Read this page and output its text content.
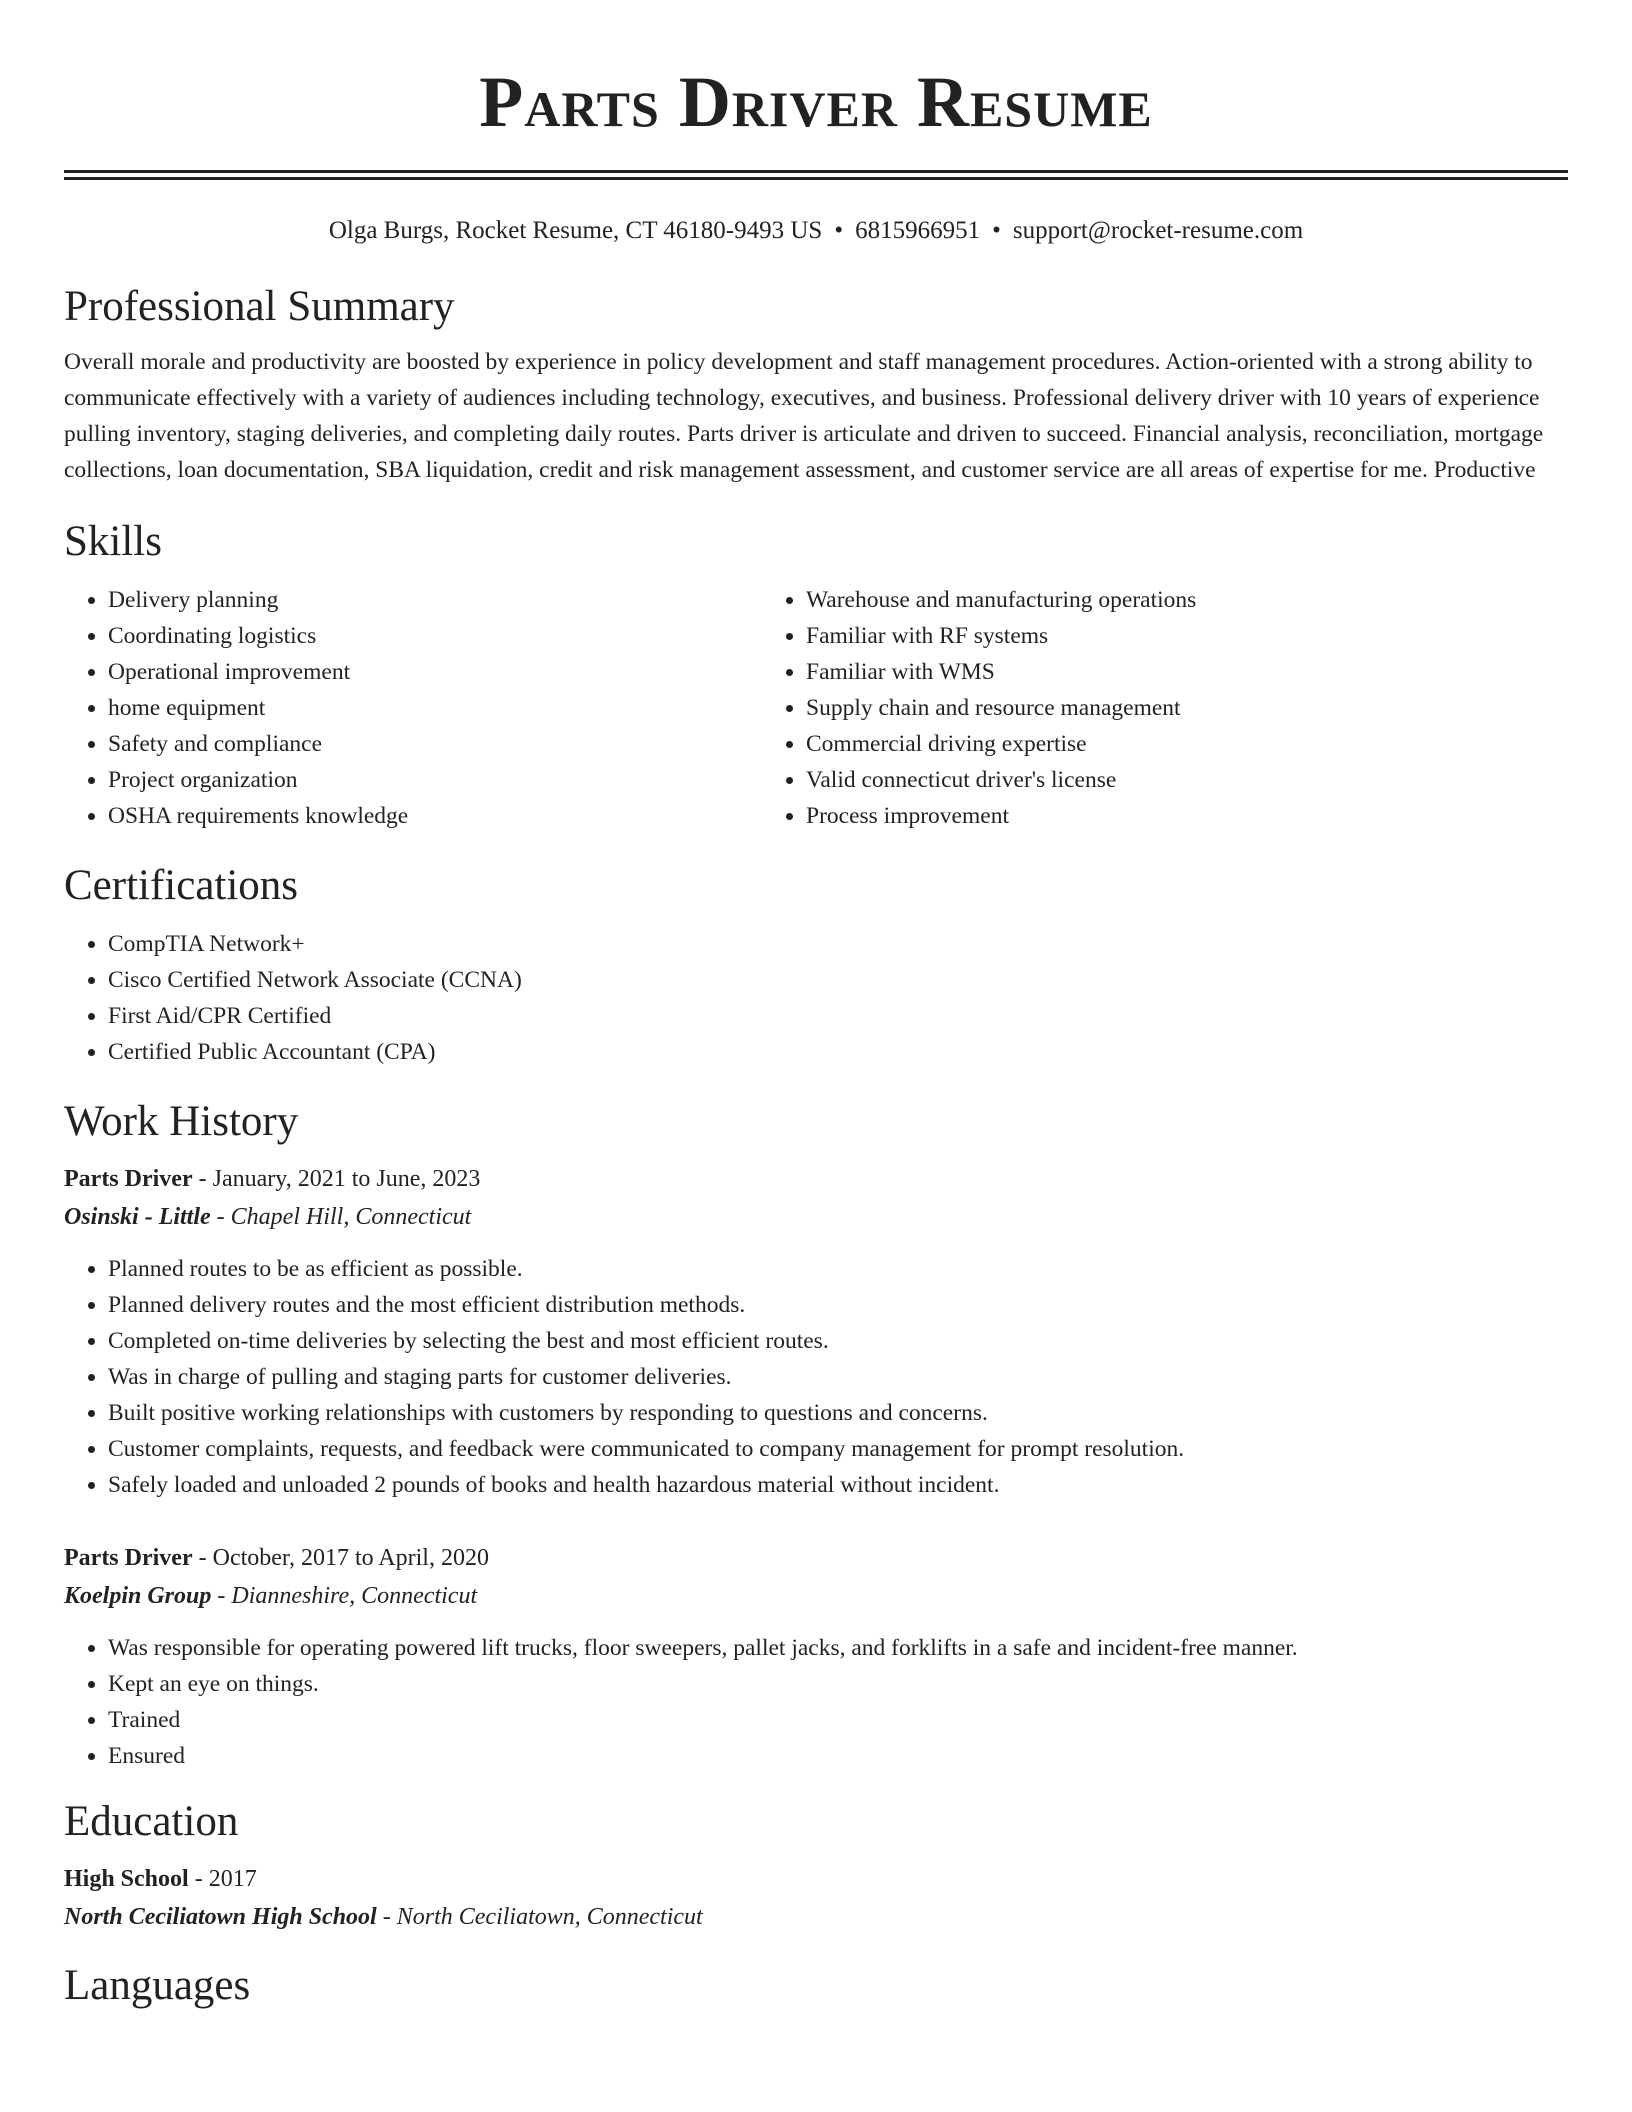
Parts Driver Resume
Olga Burgs, Rocket Resume, CT 46180-9493 US • 6815966951 • support@rocket-resume.com
Professional Summary

Overall morale and productivity are boosted by experience in policy development and staff management procedures. Action-oriented with a strong ability to communicate effectively with a variety of audiences including technology, executives, and business. Professional delivery driver with 10 years of experience pulling inventory, staging deliveries, and completing daily routes. Parts driver is articulate and driven to succeed. Financial analysis, reconciliation, mortgage collections, loan documentation, SBA liquidation, credit and risk management assessment, and customer service are all areas of expertise for me. Productive

Skills
• Delivery planning
• Coordinating logistics
• Operational improvement
• home equipment
• Safety and compliance
• Project organization
• OSHA requirements knowledge
• Warehouse and manufacturing operations
• Familiar with RF systems
• Familiar with WMS
• Supply chain and resource management
• Commercial driving expertise
• Valid connecticut driver's license
• Process improvement
Certifications
• CompTIA Network+
• Cisco Certified Network Associate (CCNA)
• First Aid/CPR Certified
• Certified Public Accountant (CPA)
Work History

Parts Driver - January, 2021 to June, 2023

Osinski - Little - Chapel Hill, Connecticut

• Planned routes to be as efficient as possible.
• Planned delivery routes and the most efficient distribution methods.
• Completed on-time deliveries by selecting the best and most efficient routes.
• Was in charge of pulling and staging parts for customer deliveries.
• Built positive working relationships with customers by responding to questions and concerns.
• Customer complaints, requests, and feedback were communicated to company management for prompt resolution.
• Safely loaded and unloaded 2 pounds of books and health hazardous material without incident.

Parts Driver - October, 2017 to April, 2020

Koelpin Group - Dianneshire, Connecticut

• Was responsible for operating powered lift trucks, floor sweepers, pallet jacks, and forklifts in a safe and incident-free manner.
• Kept an eye on things.
• Trained
• Ensured
Education

High School - 2017

North Ceciliatown High School - North Ceciliatown, Connecticut

Languages
